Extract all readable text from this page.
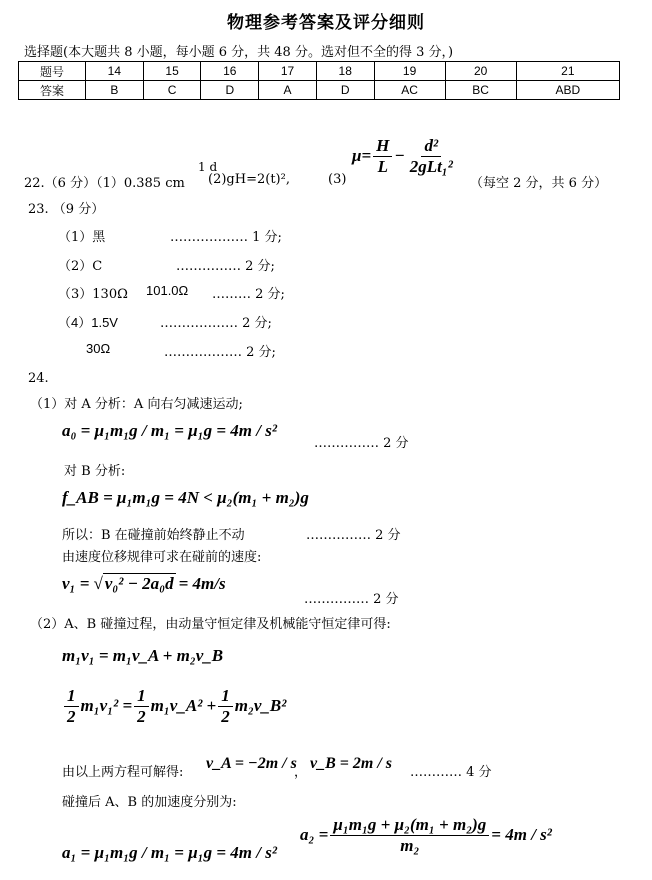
物理参考答案及评分细则
选择题(本大题共 8 小题，每小题 6 分，共 48 分。选对但不全的得 3 分，)
题号	14	15	16	17	18	19	20	21
答案	B	C	D	A	D	AC	BC	ABD
22.（6 分）（1）0.385 cm
1 d
(2)gH=2(t)²,	(3)
$\mu= \frac{H}{L} - \frac{\text{d²}}{\text{2gLt₁²}}$
（每空 2 分，共 6 分）
23. （9 分）
（1）黑	……………… 1 分;
（2）C	…………… 2 分;
（3）130Ω 101.0Ω ……… 2 分;
（4）1.5V	……………… 2 分;
30Ω	……………… 2 分;
24.
（1）对 A 分析：A 向右匀减速运动;
a₀ = μ₁m₁g / m₁ = μ₁g = 4m / s²
…………… 2 分
对 B 分析:
f_AB = μ₁m₁g = 4N < μ₂(m₁ + m₂)g
所以：B 在碰撞前始终静止不动	…………… 2 分
由速度位移规律可求在碰前的速度:
v₁ = √ v₀² − 2a₀d = 4m/s
…………… 2 分
（2）A、B 碰撞过程，由动量守恒定律及机械能守恒定律可得:
m₁v₁ = m₁v_A + m₂v_B
$\frac{1}{2} m_1v_1^2 = \frac{1}{2}$ m₁v_A² + $\frac{1}{2}$ m₂v_B²
由以上两方程可解得:
v_A = −2m / s
，
v_B = 2m / s
………… 4 分
碰撞后 A、B 的加速度分别为:
a₁ = μ₁m₁g / m₁ = μ₁g = 4m / s²
$a_2 = \frac{\text{μ₁m₁g + μ₂(m₁ + m₂)g}}{\text{m₂}} = 4m / s^2$
